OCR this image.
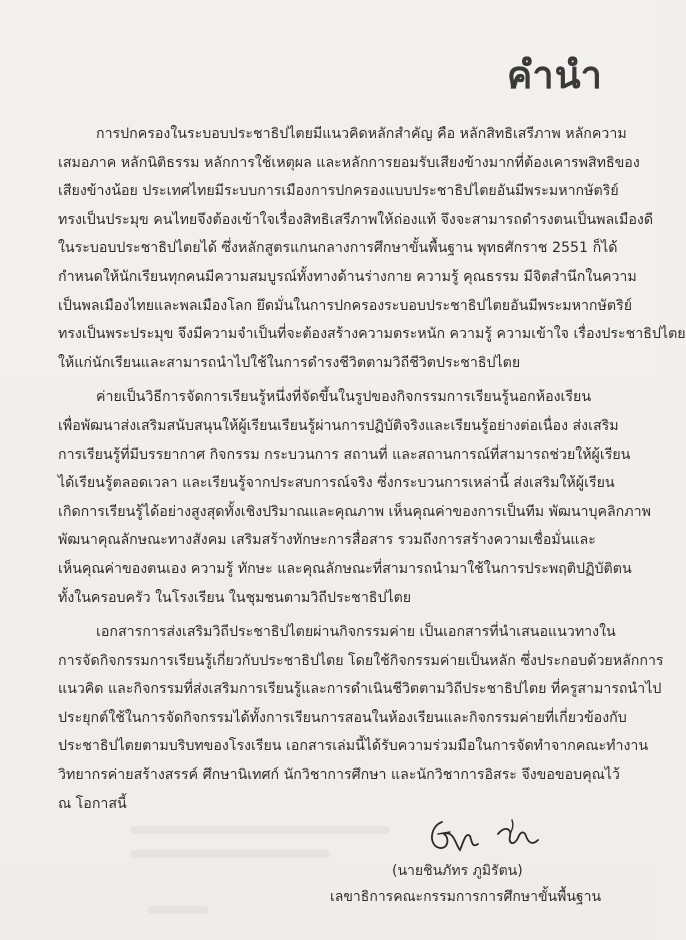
คำนำ

การปกครองในระบอบประชาธิปไตยมีแนวคิดหลักสำคัญ คือ หลักสิทธิเสรีภาพ หลักความ
เสมอภาค หลักนิติธรรม หลักการใช้เหตุผล และหลักการยอมรับเสียงข้างมากที่ต้องเคารพสิทธิของ
เสียงข้างน้อย ประเทศไทยมีระบบการเมืองการปกครองแบบประชาธิปไตยอันมีพระมหากษัตริย์
ทรงเป็นประมุข คนไทยจึงต้องเข้าใจเรื่องสิทธิเสรีภาพให้ถ่องแท้ จึงจะสามารถดำรงตนเป็นพลเมืองดี
ในระบอบประชาธิปไตยได้ ซึ่งหลักสูตรแกนกลางการศึกษาขั้นพื้นฐาน พุทธศักราช 2551 ก็ได้
กำหนดให้นักเรียนทุกคนมีความสมบูรณ์ทั้งทางด้านร่างกาย ความรู้ คุณธรรม มีจิตสำนึกในความ
เป็นพลเมืองไทยและพลเมืองโลก ยึดมั่นในการปกครองระบอบประชาธิปไตยอันมีพระมหากษัตริย์
ทรงเป็นพระประมุข จึงมีความจำเป็นที่จะต้องสร้างความตระหนัก ความรู้ ความเข้าใจ เรื่องประชาธิปไตย
ให้แก่นักเรียนและสามารถนำไปใช้ในการดำรงชีวิตตามวิถีชีวิตประชาธิปไตย

ค่ายเป็นวิธีการจัดการเรียนรู้หนึ่งที่จัดขึ้นในรูปของกิจกรรมการเรียนรู้นอกห้องเรียน
เพื่อพัฒนาส่งเสริมสนับสนุนให้ผู้เรียนเรียนรู้ผ่านการปฏิบัติจริงและเรียนรู้อย่างต่อเนื่อง ส่งเสริม
การเรียนรู้ที่มีบรรยากาศ กิจกรรม กระบวนการ สถานที่ และสถานการณ์ที่สามารถช่วยให้ผู้เรียน
ได้เรียนรู้ตลอดเวลา และเรียนรู้จากประสบการณ์จริง ซึ่งกระบวนการเหล่านี้ ส่งเสริมให้ผู้เรียน
เกิดการเรียนรู้ได้อย่างสูงสุดทั้งเชิงปริมาณและคุณภาพ เห็นคุณค่าของการเป็นทีม พัฒนาบุคลิกภาพ
พัฒนาคุณลักษณะทางสังคม เสริมสร้างทักษะการสื่อสาร รวมถึงการสร้างความเชื่อมั่นและ
เห็นคุณค่าของตนเอง ความรู้ ทักษะ และคุณลักษณะที่สามารถนำมาใช้ในการประพฤติปฏิบัติตน
ทั้งในครอบครัว ในโรงเรียน ในชุมชนตามวิถีประชาธิปไตย

เอกสารการส่งเสริมวิถีประชาธิปไตยผ่านกิจกรรมค่าย เป็นเอกสารที่นำเสนอแนวทางใน
การจัดกิจกรรมการเรียนรู้เกี่ยวกับประชาธิปไตย โดยใช้กิจกรรมค่ายเป็นหลัก ซึ่งประกอบด้วยหลักการ
แนวคิด และกิจกรรมที่ส่งเสริมการเรียนรู้และการดำเนินชีวิตตามวิถีประชาธิปไตย ที่ครูสามารถนำไป
ประยุกต์ใช้ในการจัดกิจกรรมได้ทั้งการเรียนการสอนในห้องเรียนและกิจกรรมค่ายที่เกี่ยวข้องกับ
ประชาธิปไตยตามบริบทของโรงเรียน เอกสารเล่มนี้ได้รับความร่วมมือในการจัดทำจากคณะทำงาน
วิทยากรค่ายสร้างสรรค์ ศึกษานิเทศก์ นักวิชาการศึกษา และนักวิชาการอิสระ จึงขอขอบคุณไว้
ณ โอกาสนี้

(นายชินภัทร ภูมิรัตน)
เลขาธิการคณะกรรมการการศึกษาขั้นพื้นฐาน
